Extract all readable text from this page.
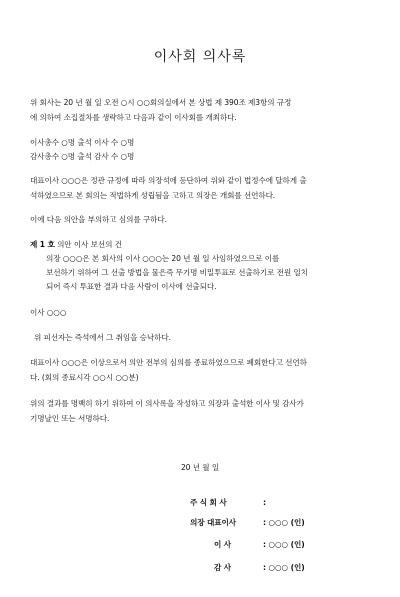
이사회 의사록
위 회사는 20 년 월 일 오전 ○시 ○○회의실에서 본 상법 제 390조 제3항의 규정
에 의하여 소집절차를 생략하고 다음과 같이 이사회를 개최하다.
이사총수 ○명 출석 이사 수 ○명
감사총수 ○명 출석 감사 수 ○명
대표이사 ○○○은 정관 규정에 따라 의장석에 등단하여 위와 같이 법정수에 달하게 출
석하였으므로 본 회의는 적법하게 성립됨을 고하고 의장은 개회를 선언하다.
이에 다음 의안을 부의하고 심의를 구하다.
제 1 호 의안 이사 보선의 건
의장 ○○○은 본 회사의 이사 ○○○는 20 년 월 일 사임하였으므로 이를
보선하기 위하여 그 선출 방법을 물은즉 무기명 비밀투표로 선출하기로 전원 일치
되어 즉시 투표한 결과 다음 사람이 이사에 선출되다.
이사 ○○○
위 피선자는 즉석에서 그 취임을 승낙하다.
대표이사 ○○○은 이상으로서 의안 전부의 심의를 종료하였으므로 폐회한다고 선언하
다. (회의 종료시각 ○○시 ○○분)
위의 결과를 명백히 하기 위하여 이 의사록을 작성하고 의장과 출석한 이사 및 감사가
기명날인 또는 서명하다.
20 년 월 일
주 식 회 사	:
의장 대표이사	: ○○○ (인)
이 사	: ○○○ (인)
감 사	: ○○○ (인)
